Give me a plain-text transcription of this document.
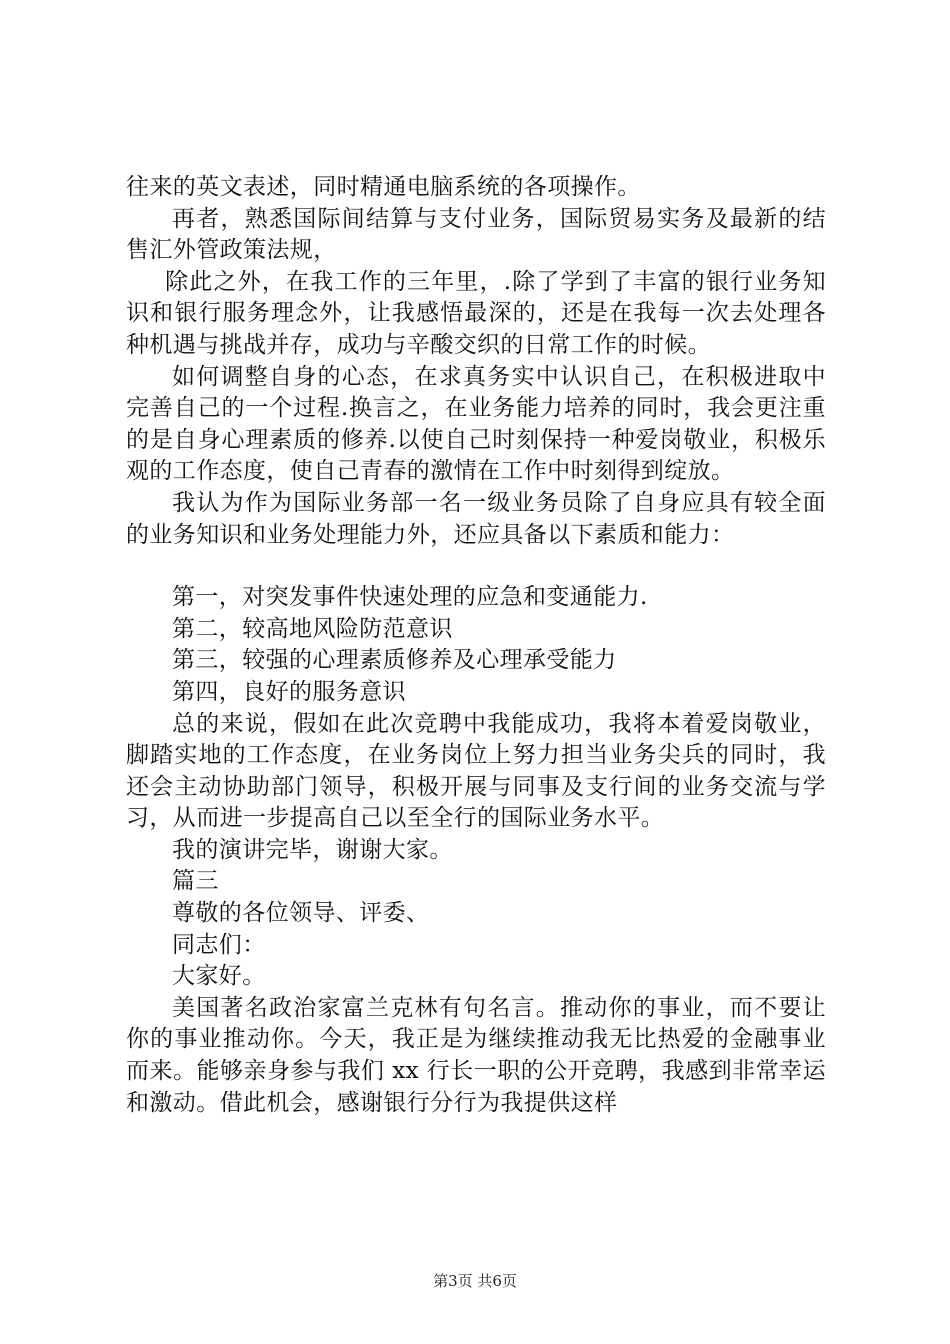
往来的英文表述，同时精通电脑系统的各项操作。

再者，熟悉国际间结算与支付业务，国际贸易实务及最新的结售汇外管政策法规，

除此之外，在我工作的三年里，.除了学到了丰富的银行业务知识和银行服务理念外，让我感悟最深的，还是在我每一次去处理各种机遇与挑战并存，成功与辛酸交织的日常工作的时候。

如何调整自身的心态，在求真务实中认识自己，在积极进取中完善自己的一个过程.换言之，在业务能力培养的同时，我会更注重的是自身心理素质的修养.以使自己时刻保持一种爱岗敬业，积极乐观的工作态度，使自己青春的激情在工作中时刻得到绽放。

我认为作为国际业务部一名一级业务员除了自身应具有较全面的业务知识和业务处理能力外，还应具备以下素质和能力：

第一，对突发事件快速处理的应急和变通能力.

第二，较高地风险防范意识

第三，较强的心理素质修养及心理承受能力

第四，良好的服务意识

总的来说，假如在此次竞聘中我能成功，我将本着爱岗敬业，脚踏实地的工作态度，在业务岗位上努力担当业务尖兵的同时，我还会主动协助部门领导，积极开展与同事及支行间的业务交流与学习，从而进一步提高自己以至全行的国际业务水平。

我的演讲完毕，谢谢大家。

篇三

尊敬的各位领导、评委、

同志们：

大家好。

美国著名政治家富兰克林有句名言。推动你的事业，而不要让你的事业推动你。今天，我正是为继续推动我无比热爱的金融事业而来。能够亲身参与我们 xx 行长一职的公开竞聘，我感到非常幸运和激动。借此机会，感谢银行分行为我提供这样

第3页 共6页
